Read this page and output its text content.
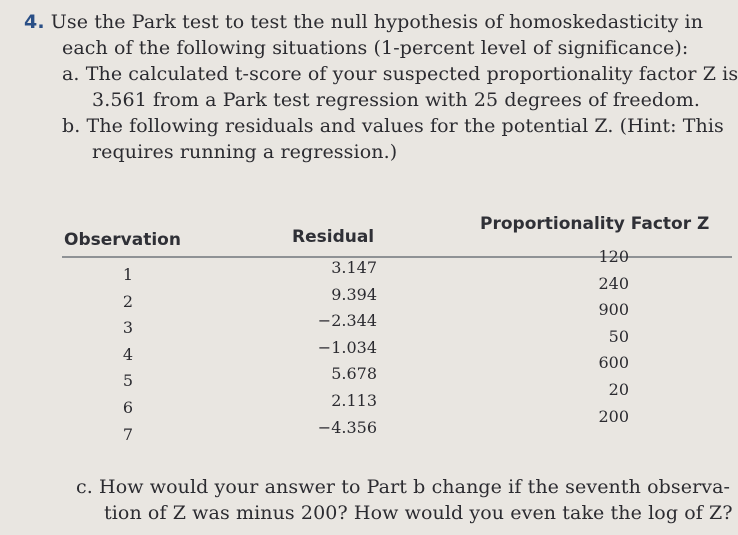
4. Use the Park test to test the null hypothesis of homoskedasticity in
each of the following situations (1-percent level of significance):
a. The calculated t-score of your suspected proportionality factor Z is
3.561 from a Park test regression with 25 degrees of freedom.
b. The following residuals and values for the potential Z. (Hint: This
requires running a regression.)
Observation	Residual
Proportionality Factor Z
1
2
3
4
5
6
7
3.147
9.394
−2.344
−1.034
5.678
2.113
−4.356
120
240
900
50
600
20
200
c. How would your answer to Part b change if the seventh observa-
tion of Z was minus 200? How would you even take the log of Z?
